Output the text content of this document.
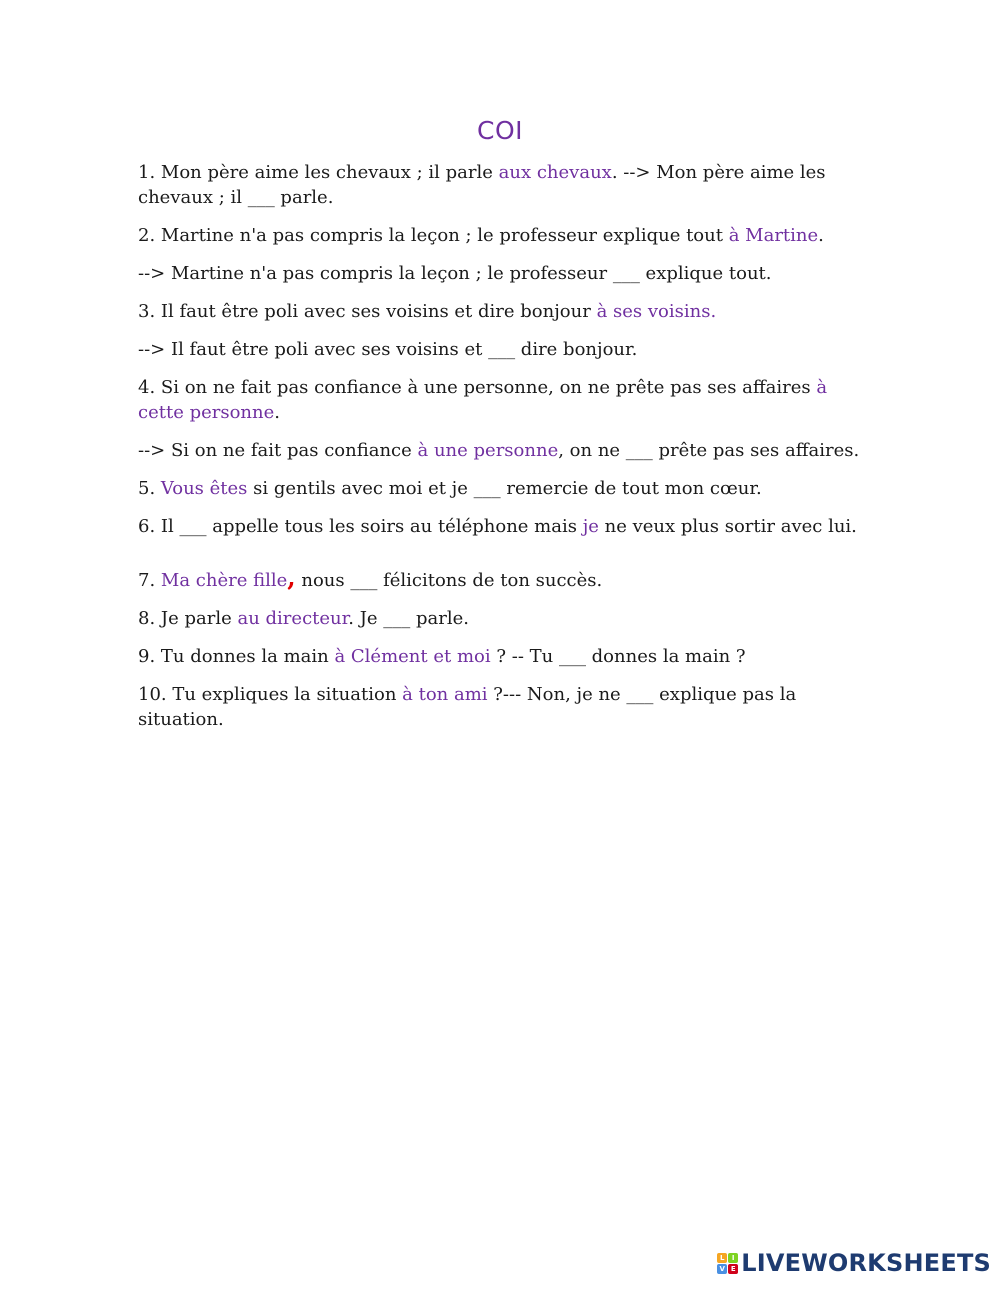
COI

1. Mon père aime les chevaux ; il parle aux chevaux. --> Mon père aime les chevaux ; il ___ parle.

2. Martine n'a pas compris la leçon ; le professeur explique tout à Martine.

--> Martine n'a pas compris la leçon ; le professeur ___ explique tout.

3. Il faut être poli avec ses voisins et dire bonjour à ses voisins.

--> Il faut être poli avec ses voisins et ___ dire bonjour.

4. Si on ne fait pas confiance à une personne, on ne prête pas ses affaires à cette personne.

--> Si on ne fait pas confiance à une personne, on ne ___ prête pas ses affaires.

5. Vous êtes si gentils avec moi et je ___ remercie de tout mon cœur.

6. Il ___ appelle tous les soirs au téléphone mais je ne veux plus sortir avec lui.

7. Ma chère fille, nous ___ félicitons de ton succès.

8. Je parle au directeur. Je ___ parle.

9. Tu donnes la main à Clément et moi ? -- Tu ___ donnes la main ?

10. Tu expliques la situation à ton ami ?--- Non, je ne ___ explique pas la situation.

L	I
V E LIVEWORKSHEETS
